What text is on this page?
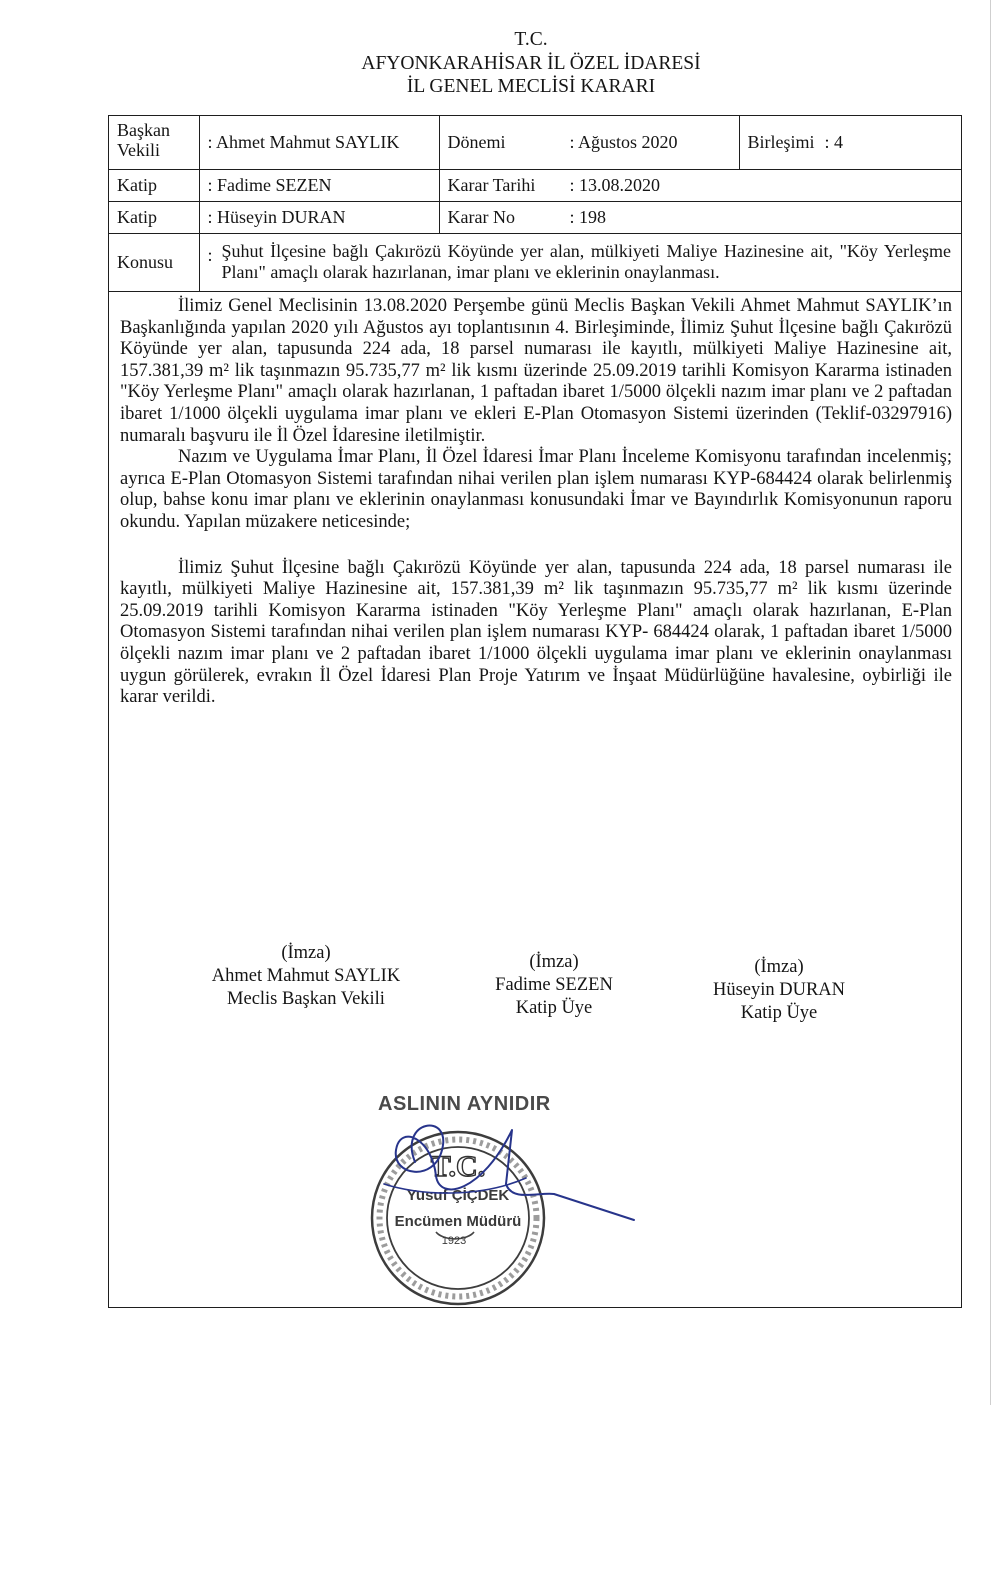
T.C.
AFYONKARAHİSAR İL ÖZEL İDARESİ
İL GENEL MECLİSİ KARARI
Başkan Vekili	: Ahmet Mahmut SAYLIK	Dönemi : Ağustos 2020	Birleşimi : 4
Katip	: Fadime SEZEN	Karar Tarihi : 13.08.2020	
Katip	: Hüseyin DURAN	Karar No : 198	
Konusu	: Şuhut İlçesine bağlı Çakırözü Köyünde yer alan, mülkiyeti Maliye Hazinesine ait, "Köy Yerleşme Planı" amaçlı olarak hazırlanan, imar planı ve eklerinin onaylanması.		

İlimiz Genel Meclisinin 13.08.2020 Perşembe günü Meclis Başkan Vekili Ahmet Mahmut SAYLIK’ın Başkanlığında yapılan 2020 yılı Ağustos ayı toplantısının 4. Birleşiminde, İlimiz Şuhut İlçesine bağlı Çakırözü Köyünde yer alan, tapusunda 224 ada, 18 parsel numarası ile kayıtlı, mülkiyeti Maliye Hazinesine ait, 157.381,39 m² lik taşınmazın 95.735,77 m² lik kısmı üzerinde 25.09.2019 tarihli Komisyon Kararma istinaden "Köy Yerleşme Planı" amaçlı olarak hazırlanan, 1 paftadan ibaret 1/5000 ölçekli nazım imar planı ve 2 paftadan ibaret 1/1000 ölçekli uygulama imar planı ve ekleri E-Plan Otomasyon Sistemi üzerinden (Teklif-03297916) numaralı başvuru ile İl Özel İdaresine iletilmiştir.

Nazım ve Uygulama İmar Planı, İl Özel İdaresi İmar Planı İnceleme Komisyonu tarafından incelenmiş; ayrıca E-Plan Otomasyon Sistemi tarafından nihai verilen plan işlem numarası KYP-684424 olarak belirlenmiş olup, bahse konu imar planı ve eklerinin onaylanması konusundaki İmar ve Bayındırlık Komisyonunun raporu okundu. Yapılan müzakere neticesinde;

İlimiz Şuhut İlçesine bağlı Çakırözü Köyünde yer alan, tapusunda 224 ada, 18 parsel numarası ile kayıtlı, mülkiyeti Maliye Hazinesine ait, 157.381,39 m² lik taşınmazın 95.735,77 m² lik kısmı üzerinde 25.09.2019 tarihli Komisyon Kararma istinaden "Köy Yerleşme Planı" amaçlı olarak hazırlanan, E-Plan Otomasyon Sistemi tarafından nihai verilen plan işlem numarası KYP- 684424 olarak, 1 paftadan ibaret 1/5000 ölçekli nazım imar planı ve 2 paftadan ibaret 1/1000 ölçekli uygulama imar planı ve eklerinin onaylanması uygun görülerek, evrakın İl Özel İdaresi Plan Proje Yatırım ve İnşaat Müdürlüğüne havalesine, oybirliği ile karar verildi.

(İmza)
Ahmet Mahmut SAYLIK
Meclis Başkan Vekili
(İmza)
Fadime SEZEN
Katip Üye
(İmza)
Hüseyin DURAN
Katip Üye
ASLININ AYNIDIR
T.C.
Yusuf ÇİÇDEK
Encümen Müdürü
1923
